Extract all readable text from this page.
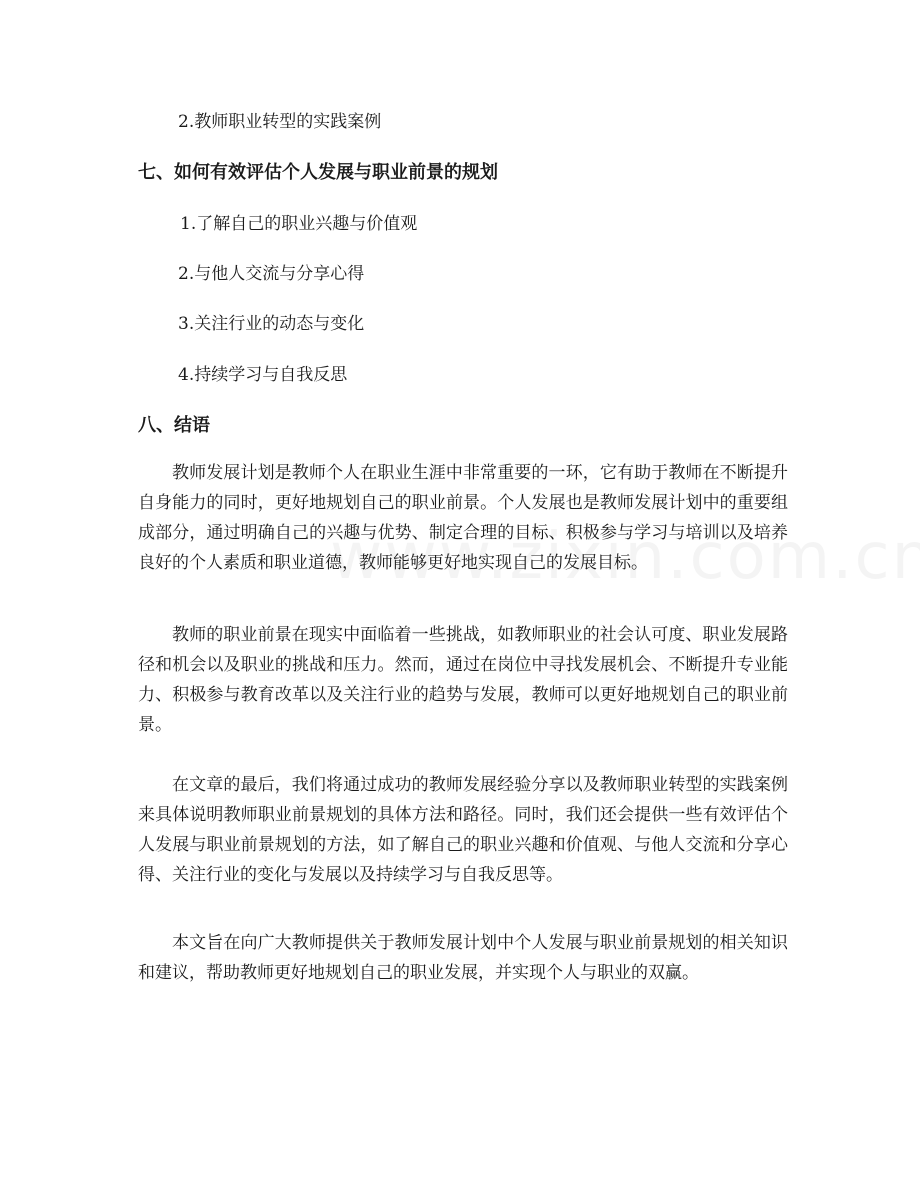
2.教师职业转型的实践案例
七、如何有效评估个人发展与职业前景的规划
1.了解自己的职业兴趣与价值观
2.与他人交流与分享心得
3.关注行业的动态与变化
4.持续学习与自我反思
八、结语

教师发展计划是教师个人在职业生涯中非常重要的一环，它有助于教师在不断提升自身能力的同时，更好地规划自己的职业前景。个人发展也是教师发展计划中的重要组成部分，通过明确自己的兴趣与优势、制定合理的目标、积极参与学习与培训以及培养良好的个人素质和职业道德，教师能够更好地实现自己的发展目标。

教师的职业前景在现实中面临着一些挑战，如教师职业的社会认可度、职业发展路径和机会以及职业的挑战和压力。然而，通过在岗位中寻找发展机会、不断提升专业能力、积极参与教育改革以及关注行业的趋势与发展，教师可以更好地规划自己的职业前景。

在文章的最后，我们将通过成功的教师发展经验分享以及教师职业转型的实践案例来具体说明教师职业前景规划的具体方法和路径。同时，我们还会提供一些有效评估个人发展与职业前景规划的方法，如了解自己的职业兴趣和价值观、与他人交流和分享心得、关注行业的变化与发展以及持续学习与自我反思等。

本文旨在向广大教师提供关于教师发展计划中个人发展与职业前景规划的相关知识和建议，帮助教师更好地规划自己的职业发展，并实现个人与职业的双赢。
